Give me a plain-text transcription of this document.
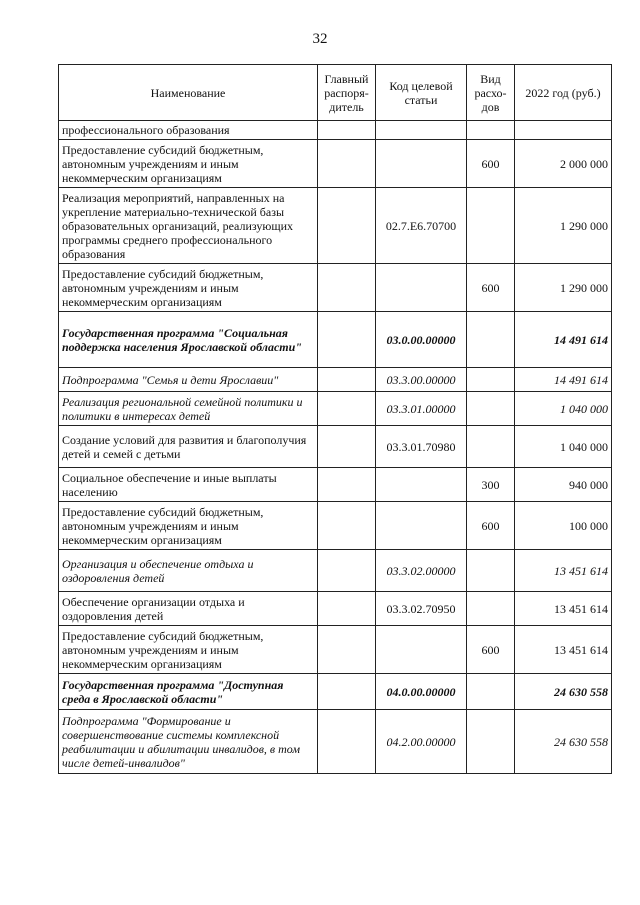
32
Наименование	Главный распоря-дитель	Код целевой статьи	Вид расхо-дов	2022 год (руб.)
профессионального образования				
Предоставление субсидий бюджетным, автономным учреждениям и иным некоммерческим организациям			600	2 000 000
Реализация мероприятий, направленных на укрепление материально-технической базы образовательных организаций, реализующих программы среднего профессионального образования		02.7.Е6.70700		1 290 000
Предоставление субсидий бюджетным, автономным учреждениям и иным некоммерческим организациям			600	1 290 000
Государственная программа "Социальная поддержка населения Ярославской области"		03.0.00.00000		14 491 614
Подпрограмма "Семья и дети Ярославии"		03.3.00.00000		14 491 614
Реализация региональной семейной политики и политики в интересах детей		03.3.01.00000		1 040 000
Создание условий для развития и благополучия детей и семей с детьми		03.3.01.70980		1 040 000
Социальное обеспечение и иные выплаты населению			300	940 000
Предоставление субсидий бюджетным, автономным учреждениям и иным некоммерческим организациям			600	100 000
Организация и обеспечение отдыха и оздоровления детей		03.3.02.00000		13 451 614
Обеспечение организации отдыха и оздоровления детей		03.3.02.70950		13 451 614
Предоставление субсидий бюджетным, автономным учреждениям и иным некоммерческим организациям			600	13 451 614
Государственная программа "Доступная среда в Ярославской области"		04.0.00.00000		24 630 558
Подпрограмма "Формирование и совершенствование системы комплексной реабилитации и абилитации инвалидов, в том числе детей-инвалидов"		04.2.00.00000		24 630 558
